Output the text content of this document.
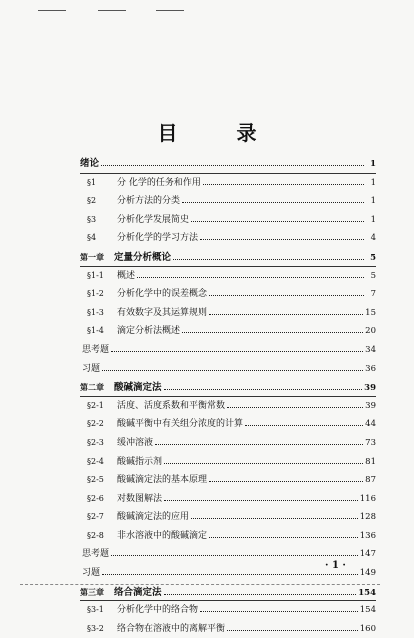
目 录
绪论	1
§1	分 化学的任务和作用	1
§2	分析方法的分类	1
§3	分析化学发展简史	1
§4	分析化学的学习方法	4
第一章 定量分析概论	5
§1-1	概述	5
§1-2	分析化学中的误差概念	7
§1-3	有效数字及其运算规则	15
§1-4	滴定分析法概述	20
思考题	34
习题	36
第二章 酸碱滴定法	39
§2-1	活度、活度系数和平衡常数	39
§2-2	酸碱平衡中有关组分浓度的计算	44
§2-3	缓冲溶液	73
§2-4	酸碱指示剂	81
§2-5	酸碱滴定法的基本原理	87
§2-6	对数图解法	116
§2-7	酸碱滴定法的应用	128
§2-8	非水溶液中的酸碱滴定	136
思考题	147
习题	149
第三章 络合滴定法	154
§3-1	分析化学中的络合物	154
§3-2	络合物在溶液中的离解平衡	160
· 1 ·
